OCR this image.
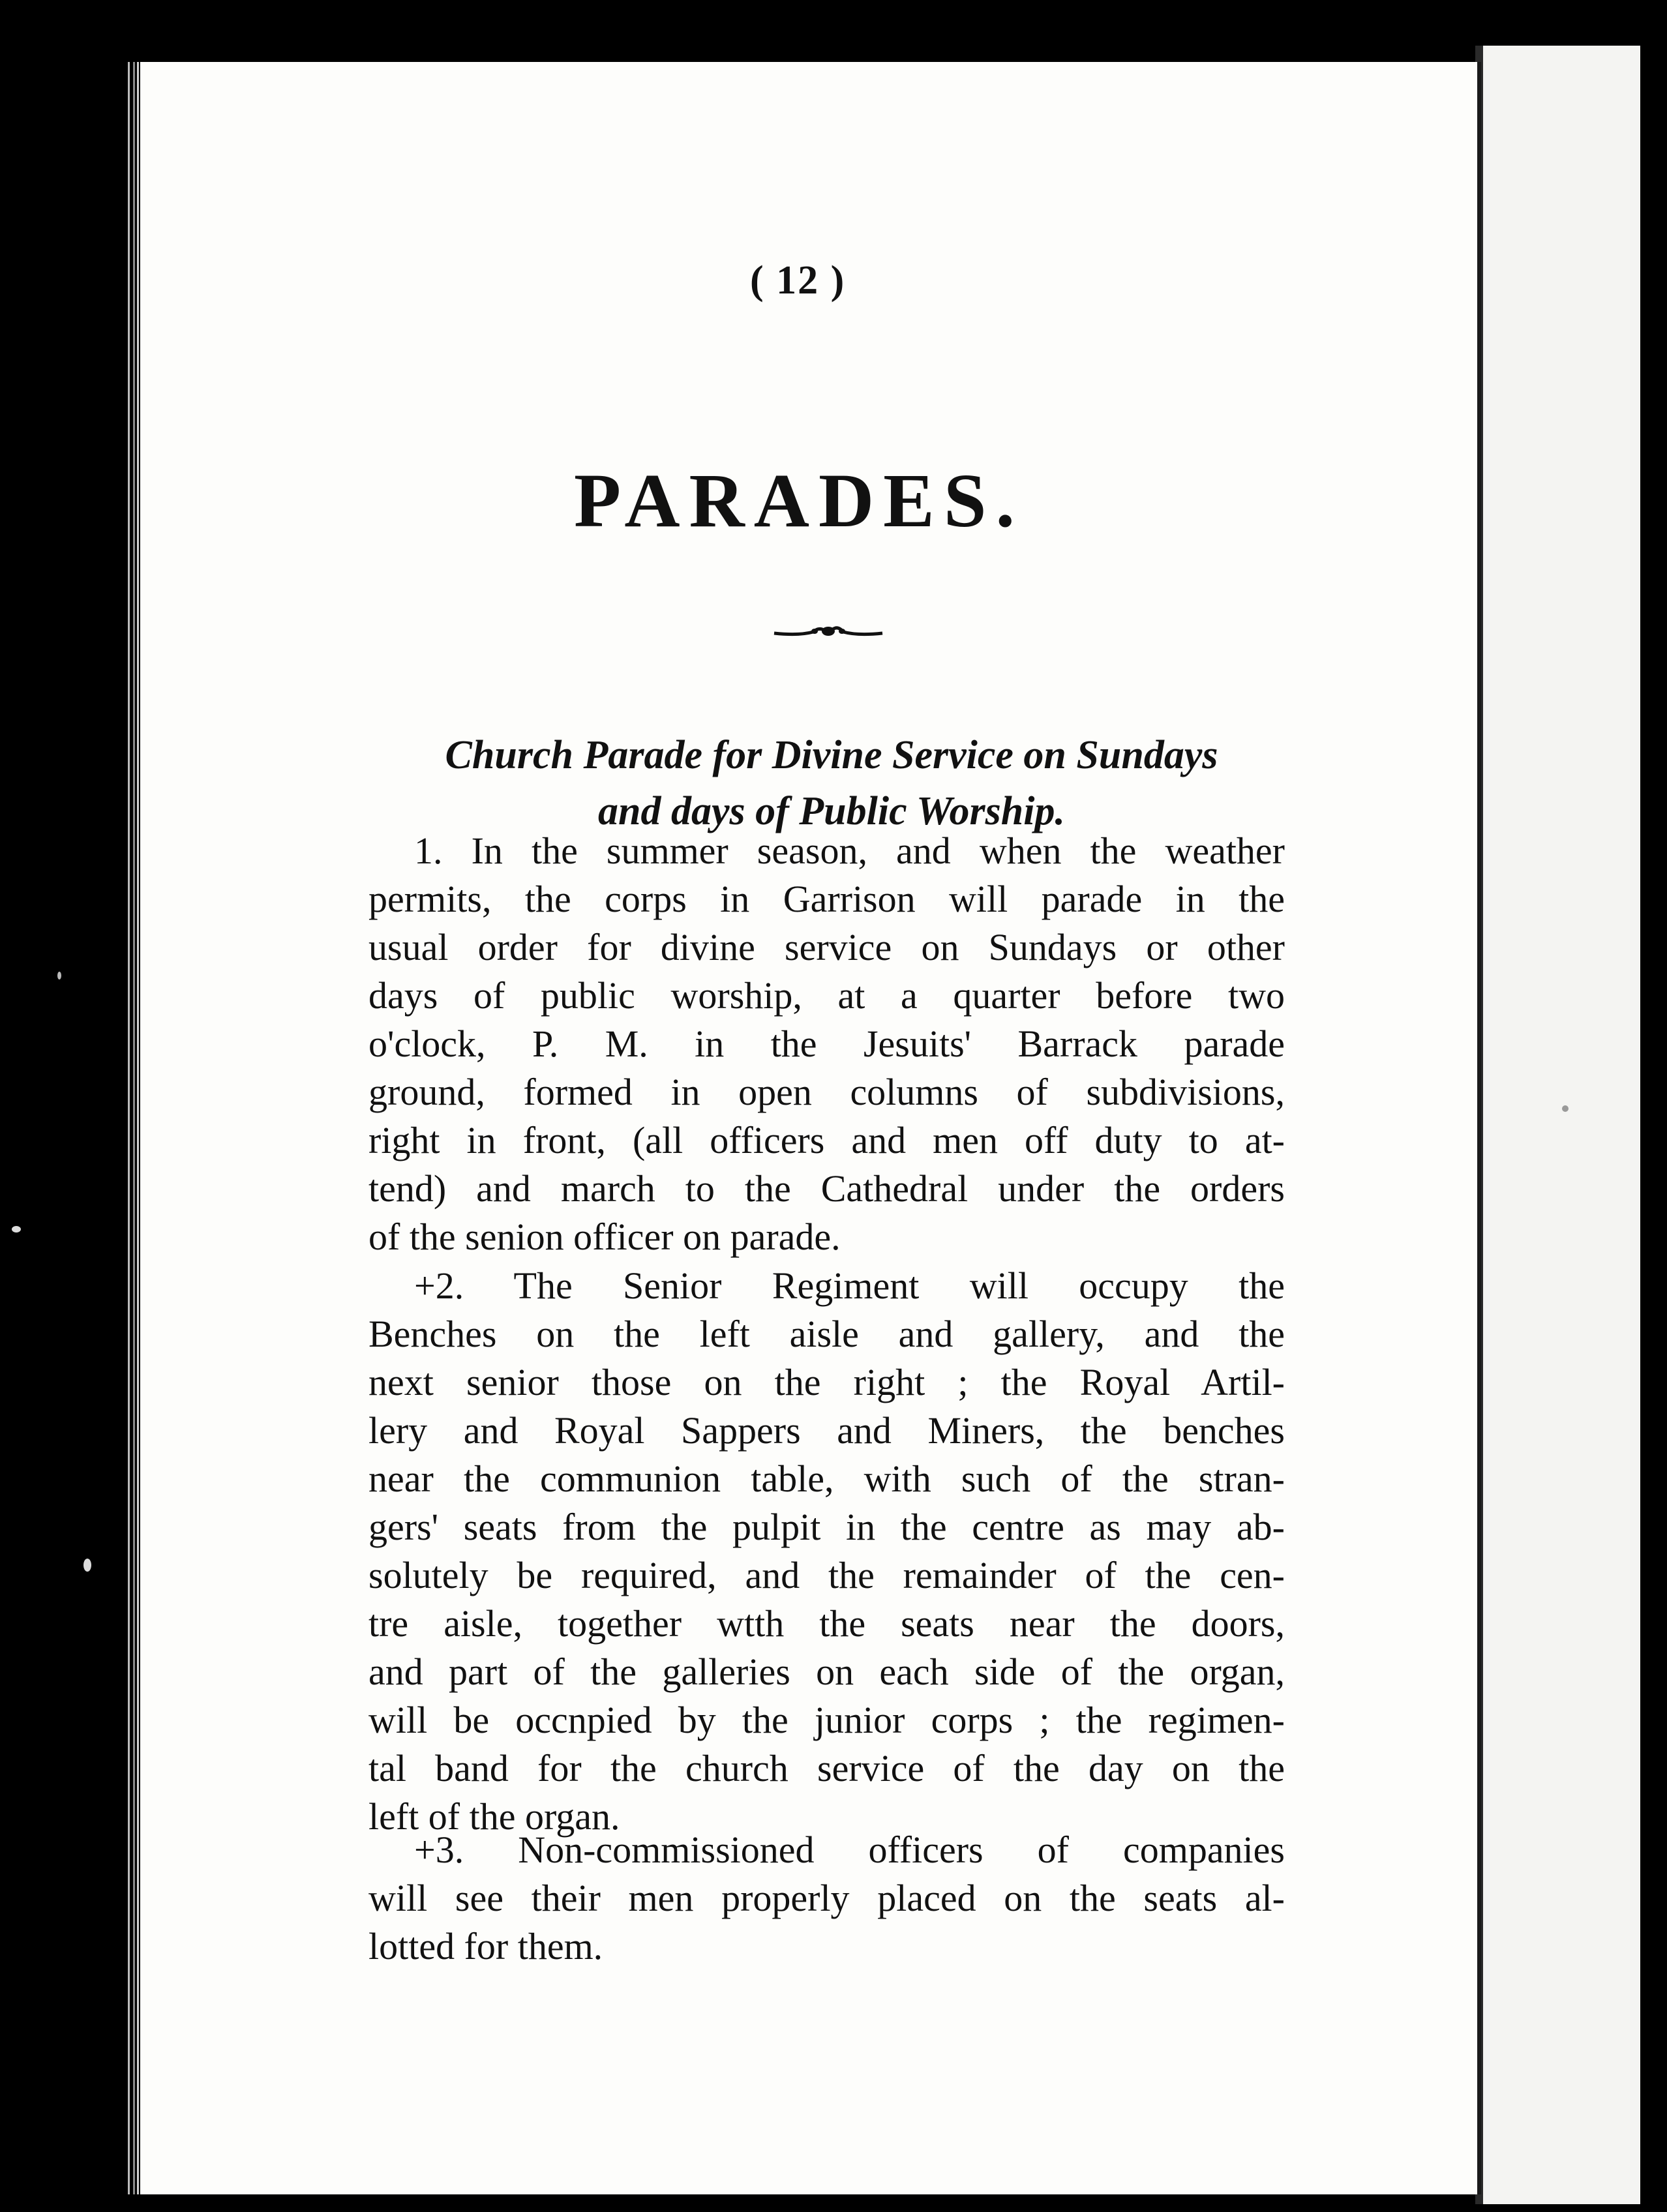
( 12 )
PARADES.
Church Parade for Divine Service on Sundays
and days of Public Worship.
1. In the summer season, and when the weather
permits, the corps in Garrison will parade in the
usual order for divine service on Sundays or other
days of public worship, at a quarter before two
o'clock, P. M. in the Jesuits' Barrack parade
ground, formed in open columns of subdivisions,
right in front, (all officers and men off duty to at-
tend) and march to the Cathedral under the orders
of the senion officer on parade.
+2. The Senior Regiment will occupy the
Benches on the left aisle and gallery, and the
next senior those on the right ; the Royal Artil-
lery and Royal Sappers and Miners, the benches
near the communion table, with such of the stran-
gers' seats from the pulpit in the centre as may ab-
solutely be required, and the remainder of the cen-
tre aisle, together wtth the seats near the doors,
and part of the galleries on each side of the organ,
will be occnpied by the junior corps ; the regimen-
tal band for the church service of the day on the
left of the organ.
+3. Non-commissioned officers of companies
will see their men properly placed on the seats al-
lotted for them.
